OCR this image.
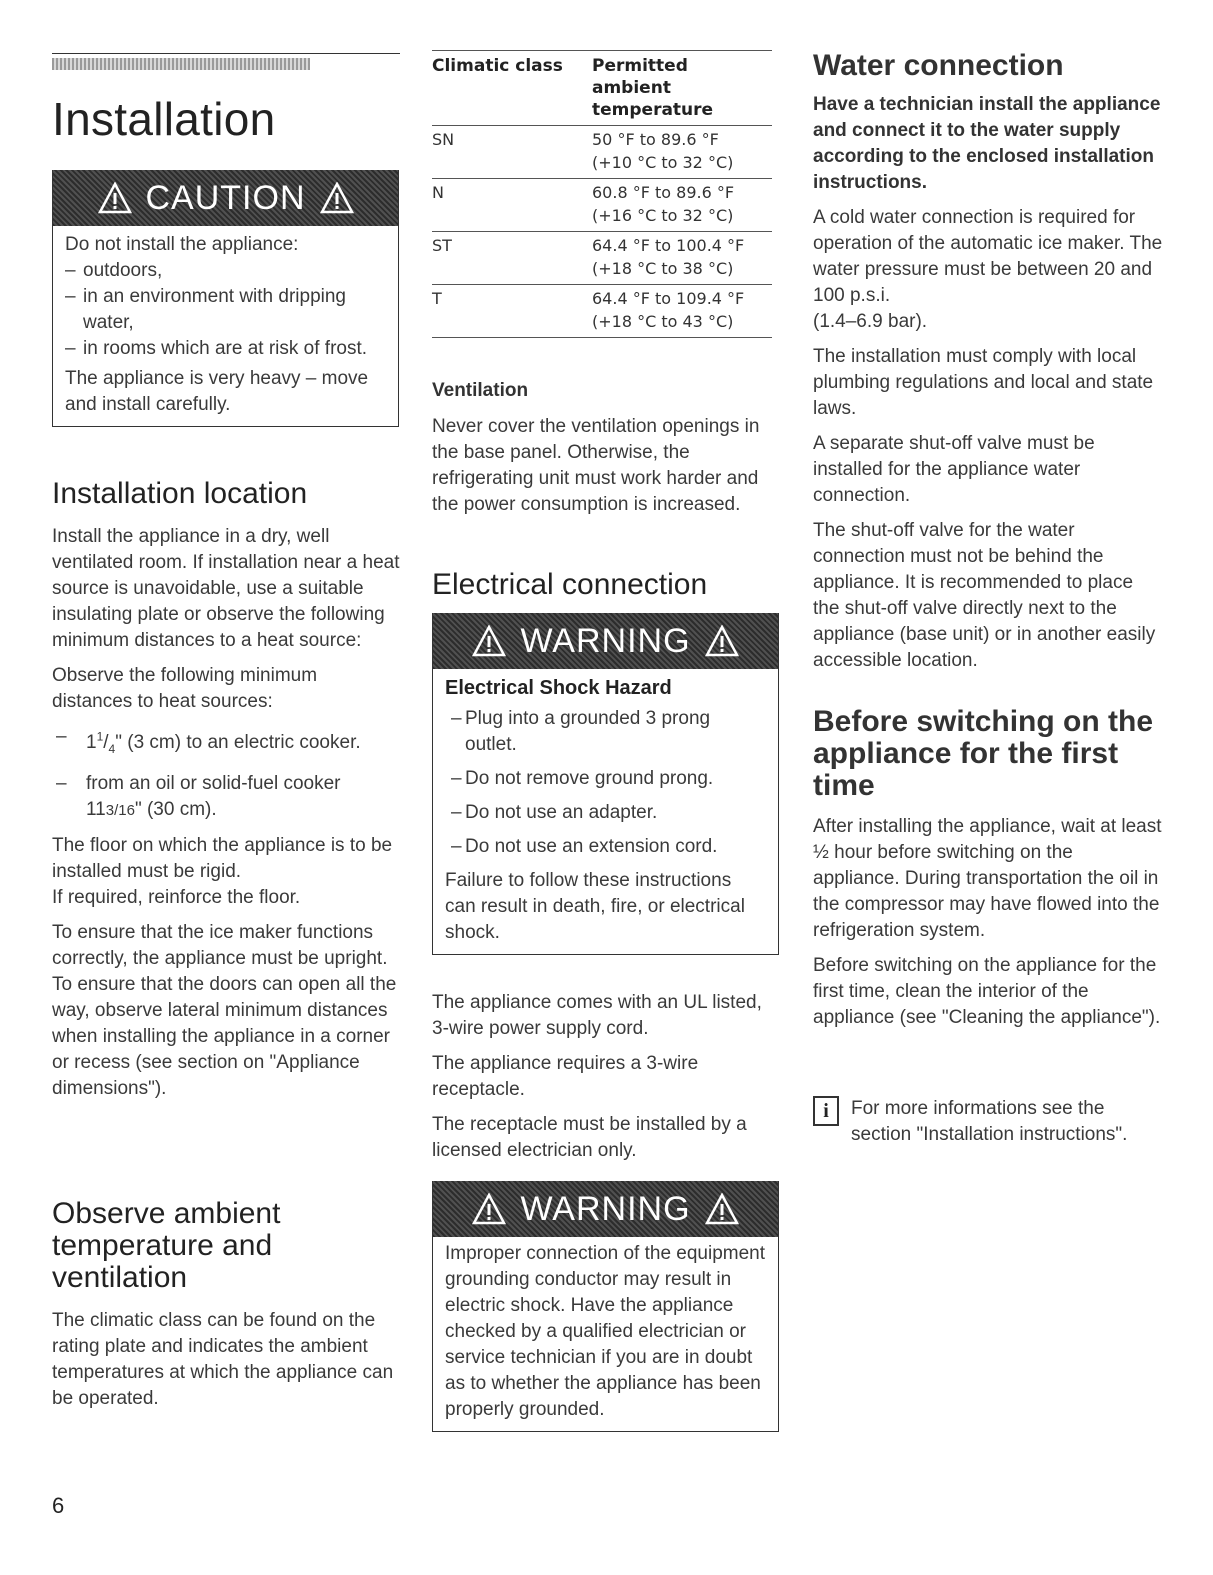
Installation
CAUTION

Do not install the appliance:

– outdoors,
– in an environment with dripping water,
– in rooms which are at risk of frost.

The appliance is very heavy – move and install carefully.

Installation location

Install the appliance in a dry, well ventilated room. If installation near a heat source is unavoidable, use a suitable insulating plate or observe the following minimum distances to a heat source:

Observe the following minimum distances to heat sources:

– $1^1/_4$" (3 cm) to an electric cooker.
– from an oil or solid-fuel cooker
113/16" (30 cm).

The floor on which the appliance is to be installed must be rigid.

If required, reinforce the floor.

To ensure that the ice maker functions correctly, the appliance must be upright. To ensure that the doors can open all the way, observe lateral minimum distances when installing the appliance in a corner or recess (see section on "Appliance dimensions").

Observe ambient temperature and ventilation

The climatic class can be found on the rating plate and indicates the ambient temperatures at which the appliance can be operated.

Climatic class	Permitted ambient temperature
SN	50 °F to 89.6 °F
(+10 °C to 32 °C)

N	60.8 °F to 89.6 °F
(+16 °C to 32 °C)

ST	64.4 °F to 100.4 °F
(+18 °C to 38 °C)

T	64.4 °F to 109.4 °F
(+18 °C to 43 °C)
Ventilation

Never cover the ventilation openings in the base panel. Otherwise, the refrigerating unit must work harder and the power consumption is increased.

Electrical connection
WARNING
Electrical Shock Hazard
– Plug into a grounded 3 prong outlet.
– Do not remove ground prong.
– Do not use an adapter.
– Do not use an extension cord.

Failure to follow these instructions can result in death, fire, or electrical shock.

The appliance comes with an UL listed, 3-wire power supply cord.

The appliance requires a 3-wire receptacle.

The receptacle must be installed by a licensed electrician only.

WARNING

Improper connection of the equipment grounding conductor may result in electric shock. Have the appliance checked by a qualified electrician or service technician if you are in doubt as to whether the appliance has been properly grounded.

Water connection

Have a technician install the appliance and connect it to the water supply according to the enclosed installation instructions.

A cold water connection is required for operation of the automatic ice maker. The water pressure must be between 20 and 100 p.s.i.

(1.4–6.9 bar).

The installation must comply with local plumbing regulations and local and state laws.

A separate shut-off valve must be installed for the appliance water connection.

The shut-off valve for the water connection must not be behind the appliance. It is recommended to place the shut-off valve directly next to the appliance (base unit) or in another easily accessible location.

Before switching on the appliance for the first time

After installing the appliance, wait at least ½ hour before switching on the appliance. During transportation the oil in the compressor may have flowed into the refrigeration system.

Before switching on the appliance for the first time, clean the interior of the appliance (see "Cleaning the appliance").

i	For more informations see the section "Installation instructions".

6
